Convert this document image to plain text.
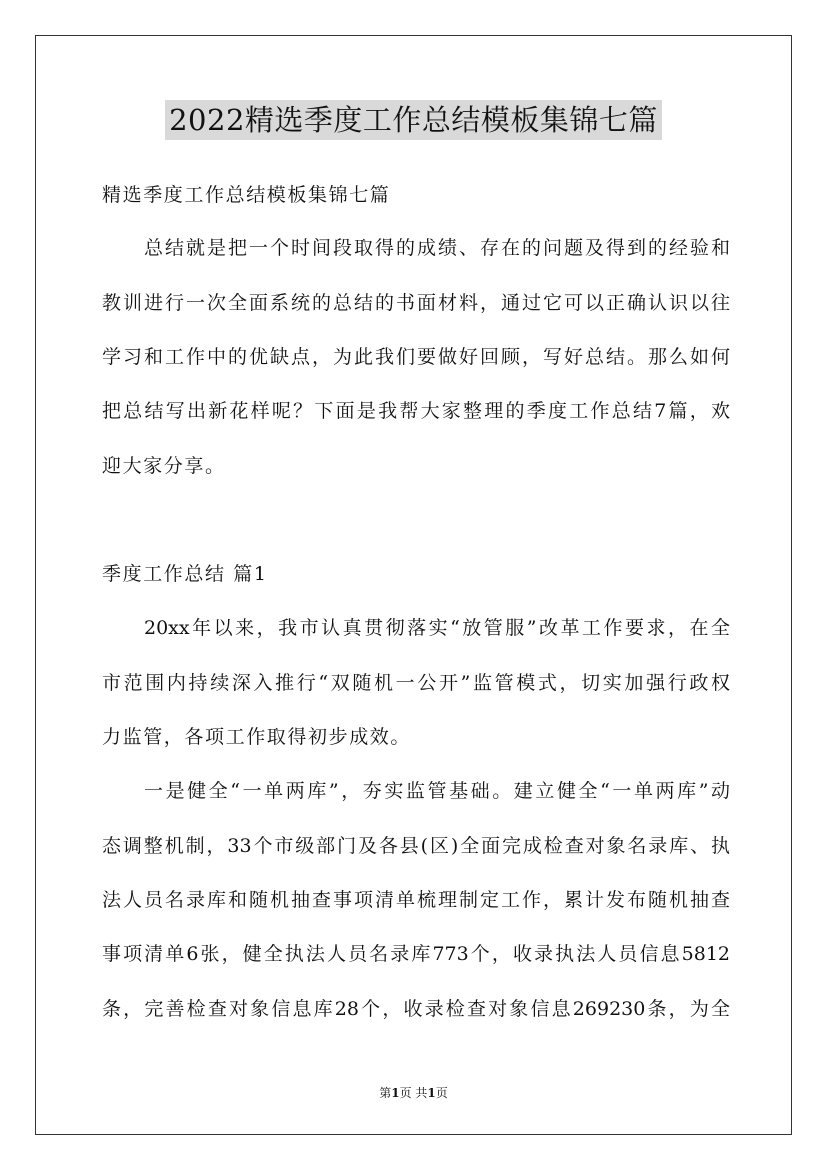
2022精选季度工作总结模板集锦七篇
精选季度工作总结模板集锦七篇
总结就是把一个时间段取得的成绩、存在的问题及得到的经验和
教训进行一次全面系统的总结的书面材料，通过它可以正确认识以往
学习和工作中的优缺点，为此我们要做好回顾，写好总结。那么如何
把总结写出新花样呢？下面是我帮大家整理的季度工作总结7篇，欢
迎大家分享。
季度工作总结 篇1
20xx年以来，我市认真贯彻落实“放管服”改革工作要求，在全
市范围内持续深入推行“双随机一公开”监管模式，切实加强行政权
力监管，各项工作取得初步成效。
一是健全“一单两库”，夯实监管基础。建立健全“一单两库”动
态调整机制，33个市级部门及各县(区)全面完成检查对象名录库、执
法人员名录库和随机抽查事项清单梳理制定工作，累计发布随机抽查
事项清单6张，健全执法人员名录库773个，收录执法人员信息5812
条，完善检查对象信息库28个，收录检查对象信息269230条，为全
第1页 共1页
